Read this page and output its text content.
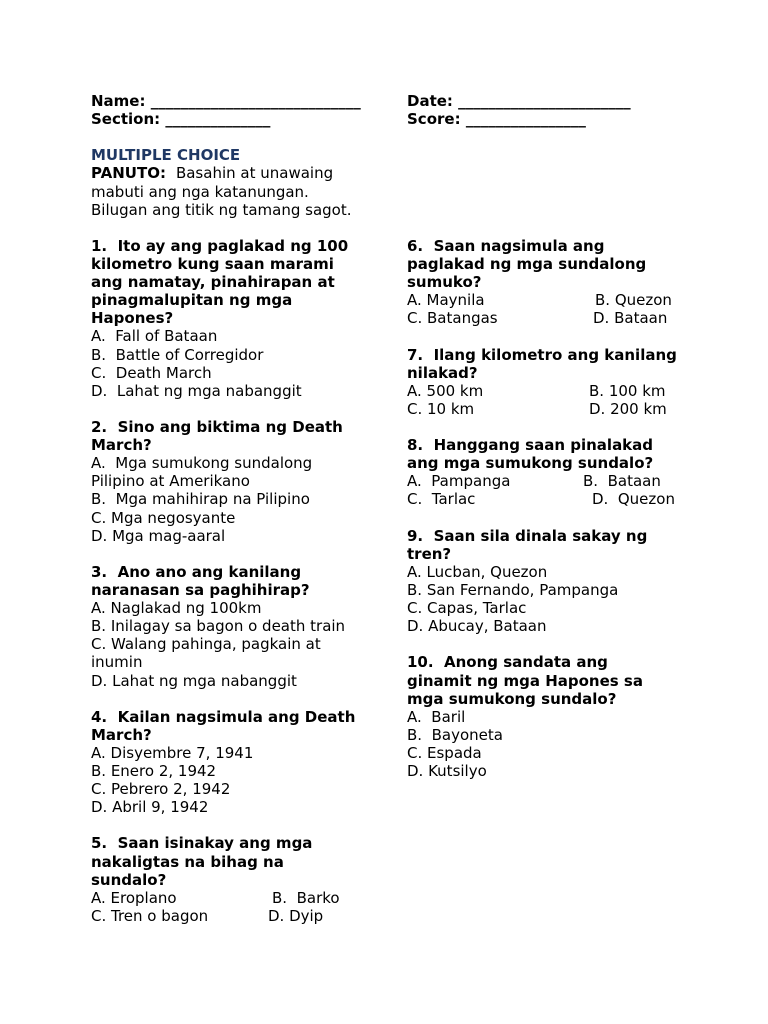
Name: ____________________________
Section: ______________
Date: _______________________
Score: ________________
MULTIPLE CHOICE
PANUTO: Basahin at unawaing
mabuti ang nga katanungan.
Bilugan ang titik ng tamang sagot.
1.  Ito ay ang paglakad ng 100
kilometro kung saan marami
ang namatay, pinahirapan at
pinagmalupitan ng mga
Hapones?
A.  Fall of Bataan
B.  Battle of Corregidor
C.  Death March
D.  Lahat ng mga nabanggit
2.  Sino ang biktima ng Death
March?
A.  Mga sumukong sundalong
Pilipino at Amerikano
B.  Mga mahihirap na Pilipino
C. Mga negosyante
D. Mga mag-aaral
3.  Ano ano ang kanilang
naranasan sa paghihirap?
A. Naglakad ng 100km
B. Inilagay sa bagon o death train
C. Walang pahinga, pagkain at
inumin
D. Lahat ng mga nabanggit
4.  Kailan nagsimula ang Death
March?
A. Disyembre 7, 1941
B. Enero 2, 1942
C. Pebrero 2, 1942
D. Abril 9, 1942
5.  Saan isinakay ang mga
nakaligtas na bihag na
sundalo?
A. Eroplano	B.  Barko
C. Tren o bagon	D. Dyip
6.  Saan nagsimula ang
paglakad ng mga sundalong
sumuko?
A. Maynila	B. Quezon
C. Batangas	D. Bataan
7.  Ilang kilometro ang kanilang
nilakad?
A. 500 km	B. 100 km
C. 10 km	D. 200 km
8.  Hanggang saan pinalakad
ang mga sumukong sundalo?
A.  Pampanga	B.  Bataan
C.  Tarlac	D.  Quezon
9.  Saan sila dinala sakay ng
tren?
A. Lucban, Quezon
B. San Fernando, Pampanga
C. Capas, Tarlac
D. Abucay, Bataan
10.  Anong sandata ang
ginamit ng mga Hapones sa
mga sumukong sundalo?
A.  Baril
B.  Bayoneta
C. Espada
D. Kutsilyo
